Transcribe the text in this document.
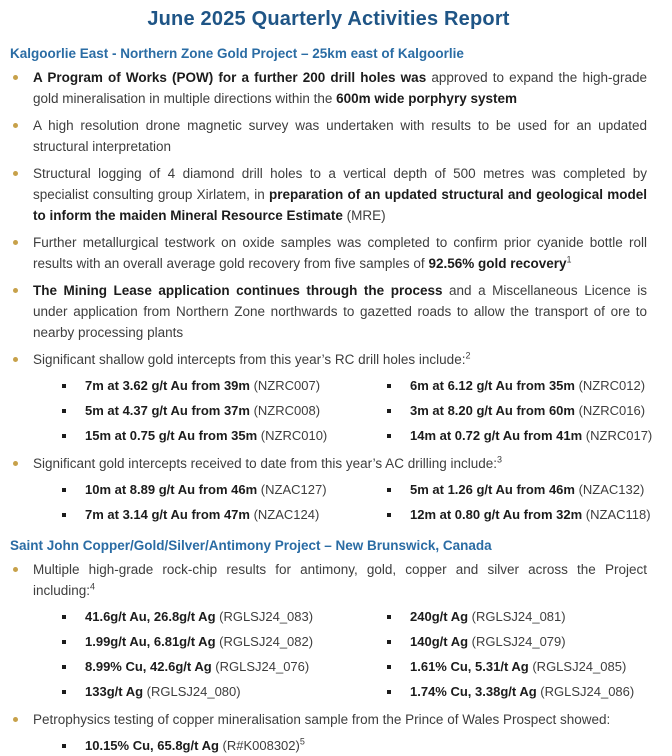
June 2025 Quarterly Activities Report
Kalgoorlie East - Northern Zone Gold Project – 25km east of Kalgoorlie
A Program of Works (POW) for a further 200 drill holes was approved to expand the high-grade gold mineralisation in multiple directions within the 600m wide porphyry system
A high resolution drone magnetic survey was undertaken with results to be used for an updated structural interpretation
Structural logging of 4 diamond drill holes to a vertical depth of 500 metres was completed by specialist consulting group Xirlatem, in preparation of an updated structural and geological model to inform the maiden Mineral Resource Estimate (MRE)
Further metallurgical testwork on oxide samples was completed to confirm prior cyanide bottle roll results with an overall average gold recovery from five samples of 92.56% gold recovery$^1$
The Mining Lease application continues through the process and a Miscellaneous Licence is under application from Northern Zone northwards to gazetted roads to allow the transport of ore to nearby processing plants
Significant shallow gold intercepts from this year’s RC drill holes include:$^2$
7m at 3.62 g/t Au from 39m (NZRC007)	6m at 6.12 g/t Au from 35m (NZRC012)
5m at 4.37 g/t Au from 37m (NZRC008)	3m at 8.20 g/t Au from 60m (NZRC016)
15m at 0.75 g/t Au from 35m (NZRC010)	14m at 0.72 g/t Au from 41m (NZRC017)
Significant gold intercepts received to date from this year’s AC drilling include:$^3$
10m at 8.89 g/t Au from 46m (NZAC127)	5m at 1.26 g/t Au from 46m (NZAC132)
7m at 3.14 g/t Au from 47m (NZAC124)	12m at 0.80 g/t Au from 32m (NZAC118)
Saint John Copper/Gold/Silver/Antimony Project – New Brunswick, Canada
Multiple high-grade rock-chip results for antimony, gold, copper and silver across the Project including:$^4$
41.6g/t Au, 26.8g/t Ag (RGLSJ24_083)	240g/t Ag (RGLSJ24_081)
1.99g/t Au, 6.81g/t Ag (RGLSJ24_082)	140g/t Ag (RGLSJ24_079)
8.99% Cu, 42.6g/t Ag (RGLSJ24_076)	1.61% Cu, 5.31/t Ag (RGLSJ24_085)
133g/t Ag (RGLSJ24_080)	1.74% Cu, 3.38g/t Ag (RGLSJ24_086)
Petrophysics testing of copper mineralisation sample from the Prince of Wales Prospect showed:
10.15% Cu, 65.8g/t Ag (R#K008302)$^5$
